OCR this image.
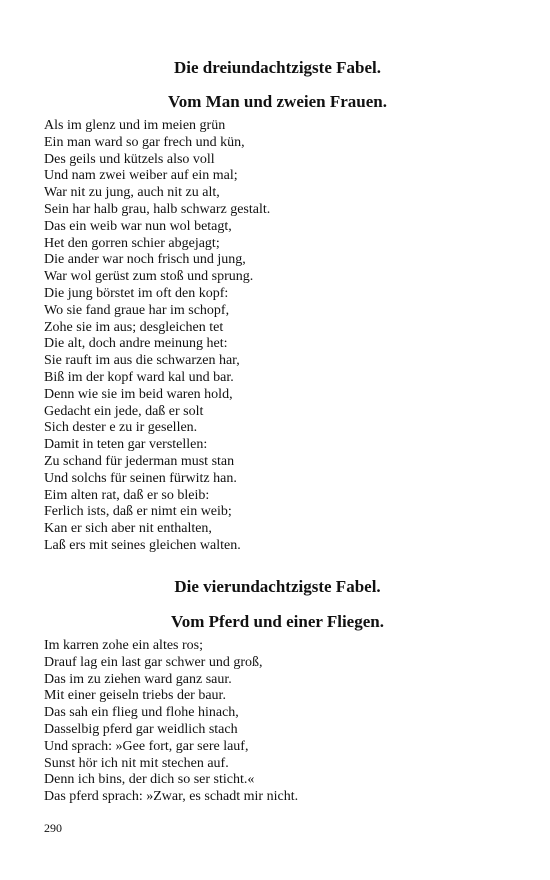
Die dreiundachtzigste Fabel.
Vom Man und zweien Frauen.
Als im glenz und im meien grün
Ein man ward so gar frech und kün,
Des geils und kützels also voll
Und nam zwei weiber auf ein mal;
War nit zu jung, auch nit zu alt,
Sein har halb grau, halb schwarz gestalt.
Das ein weib war nun wol betagt,
Het den gorren schier abgejagt;
Die ander war noch frisch und jung,
War wol gerüst zum stoß und sprung.
Die jung börstet im oft den kopf:
Wo sie fand graue har im schopf,
Zohe sie im aus; desgleichen tet
Die alt, doch andre meinung het:
Sie rauft im aus die schwarzen har,
Biß im der kopf ward kal und bar.
Denn wie sie im beid waren hold,
Gedacht ein jede, daß er solt
Sich dester e zu ir gesellen.
Damit in teten gar verstellen:
Zu schand für jederman must stan
Und solchs für seinen fürwitz han.
Eim alten rat, daß er so bleib:
Ferlich ists, daß er nimt ein weib;
Kan er sich aber nit enthalten,
Laß ers mit seines gleichen walten.
Die vierundachtzigste Fabel.
Vom Pferd und einer Fliegen.
Im karren zohe ein altes ros;
Drauf lag ein last gar schwer und groß,
Das im zu ziehen ward ganz saur.
Mit einer geiseln triebs der baur.
Das sah ein flieg und flohe hinach,
Dasselbig pferd gar weidlich stach
Und sprach: »Gee fort, gar sere lauf,
Sunst hör ich nit mit stechen auf.
Denn ich bins, der dich so ser sticht.«
Das pferd sprach: »Zwar, es schadt mir nicht.
290
